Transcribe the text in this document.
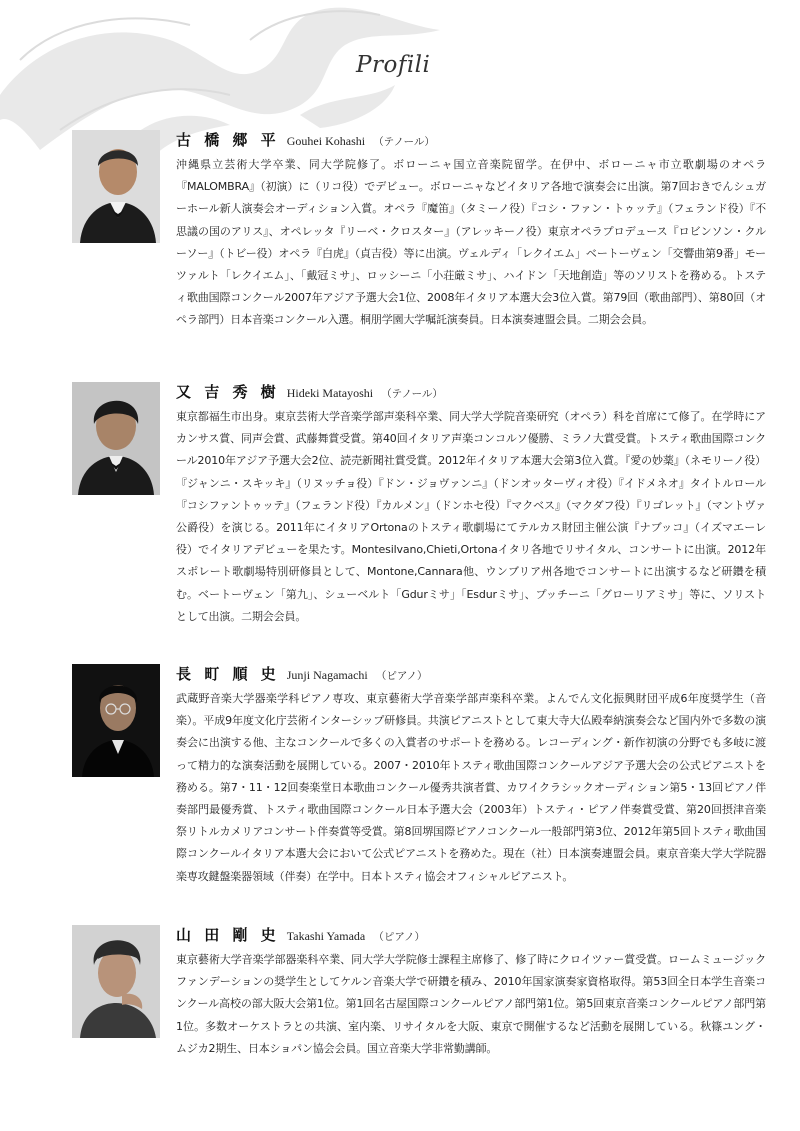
Profili
古 橋 郷 平 Gouhei Kohashi （テノール）

沖縄県立芸術大学卒業、同大学院修了。ボローニャ国立音楽院留学。在伊中、ボローニャ市立歌劇場のオペラ『MALOMBRA』（初演）に（リコ役）でデビュー。ボローニャなどイタリア各地で演奏会に出演。第7回おきでんシュガーホール新人演奏会オーディション入賞。オペラ『魔笛』（タミーノ役）『コシ・ファン・トゥッテ』（フェランド役）『不思議の国のアリス』、オペレッタ『リーベ・クロスター』（アレッキーノ役）東京オペラプロデュース『ロビンソン・クルーソー』（トビー役）オペラ『白虎』（貞吉役）等に出演。ヴェルディ「レクイエム」ベートーヴェン「交響曲第9番」モーツァルト「レクイエム」、「戴冠ミサ」、ロッシーニ「小荘厳ミサ」、ハイドン「天地創造」等のソリストを務める。トスティ歌曲国際コンクール2007年アジア予選大会1位、2008年イタリア本選大会3位入賞。第79回（歌曲部門）、第80回（オペラ部門）日本音楽コンクール入選。桐朋学園大学嘱託演奏員。日本演奏連盟会員。二期会会員。

又 吉 秀 樹 Hideki Matayoshi （テノール）

東京都福生市出身。東京芸術大学音楽学部声楽科卒業、同大学大学院音楽研究（オペラ）科を首席にて修了。在学時にアカンサス賞、同声会賞、武藤舞賞受賞。第40回イタリア声楽コンコルソ優勝、ミラノ大賞受賞。トスティ歌曲国際コンクール2010年アジア予選大会2位、読売新聞社賞受賞。2012年イタリア本選大会第3位入賞。『愛の妙薬』（ネモリーノ役）『ジャンニ・スキッキ』（リヌッチョ役）『ドン・ジョヴァンニ』（ドンオッターヴィオ役）『イドメネオ』タイトルロール『コシファントゥッテ』（フェランド役）『カルメン』（ドンホセ役）『マクベス』（マクダフ役）『リゴレット』（マントヴァ公爵役）を演じる。2011年にイタリアOrtonaのトスティ歌劇場にてテルカス財団主催公演『ナブッコ』（イズマエーレ役）でイタリアデビューを果たす。Montesilvano,Chieti,Ortonaイタリ各地でリサイタル、コンサートに出演。2012年スポレート歌劇場特別研修員として、Montone,Cannara他、ウンブリア州各地でコンサートに出演するなど研鑽を積む。ベートーヴェン「第九」、シューベルト「Gdurミサ」「Esdurミサ」、プッチーニ「グローリアミサ」等に、ソリストとして出演。二期会会員。

長 町 順 史 Junji Nagamachi （ピアノ）

武蔵野音楽大学器楽学科ピアノ専攻、東京藝術大学音楽学部声楽科卒業。よんでん文化振興財団平成6年度奨学生（音楽）。平成9年度文化庁芸術インターシップ研修員。共演ピアニストとして東大寺大仏殿奉納演奏会など国内外で多数の演奏会に出演する他、主なコンクールで多くの入賞者のサポートを務める。レコーディング・新作初演の分野でも多岐に渡って精力的な演奏活動を展開している。2007・2010年トスティ歌曲国際コンクールアジア予選大会の公式ピアニストを務める。第7・11・12回奏楽堂日本歌曲コンクール優秀共演者賞、カワイクラシックオーディション第5・13回ピアノ伴奏部門最優秀賞、トスティ歌曲国際コンクール日本予選大会（2003年）トスティ・ピアノ伴奏賞受賞、第20回摂津音楽祭リトルカメリアコンサート伴奏賞等受賞。第8回堺国際ピアノコンクール一般部門第3位、2012年第5回トスティ歌曲国際コンクールイタリア本選大会において公式ピアニストを務めた。現在（社）日本演奏連盟会員。東京音楽大学大学院器楽専攻鍵盤楽器領域（伴奏）在学中。日本トスティ協会オフィシャルピアニスト。

山 田 剛 史 Takashi Yamada （ピアノ）

東京藝術大学音楽学部器楽科卒業、同大学大学院修士課程主席修了、修了時にクロイツァー賞受賞。ロームミュージックファンデーションの奨学生としてケルン音楽大学で研鑽を積み、2010年国家演奏家資格取得。第53回全日本学生音楽コンクール高校の部大阪大会第1位。第1回名古屋国際コンクールピアノ部門第1位。第5回東京音楽コンクールピアノ部門第1位。多数オーケストラとの共演、室内楽、リサイタルを大阪、東京で開催するなど活動を展開している。秋篠ユング・ムジカ2期生、日本ショパン協会会員。国立音楽大学非常勤講師。
